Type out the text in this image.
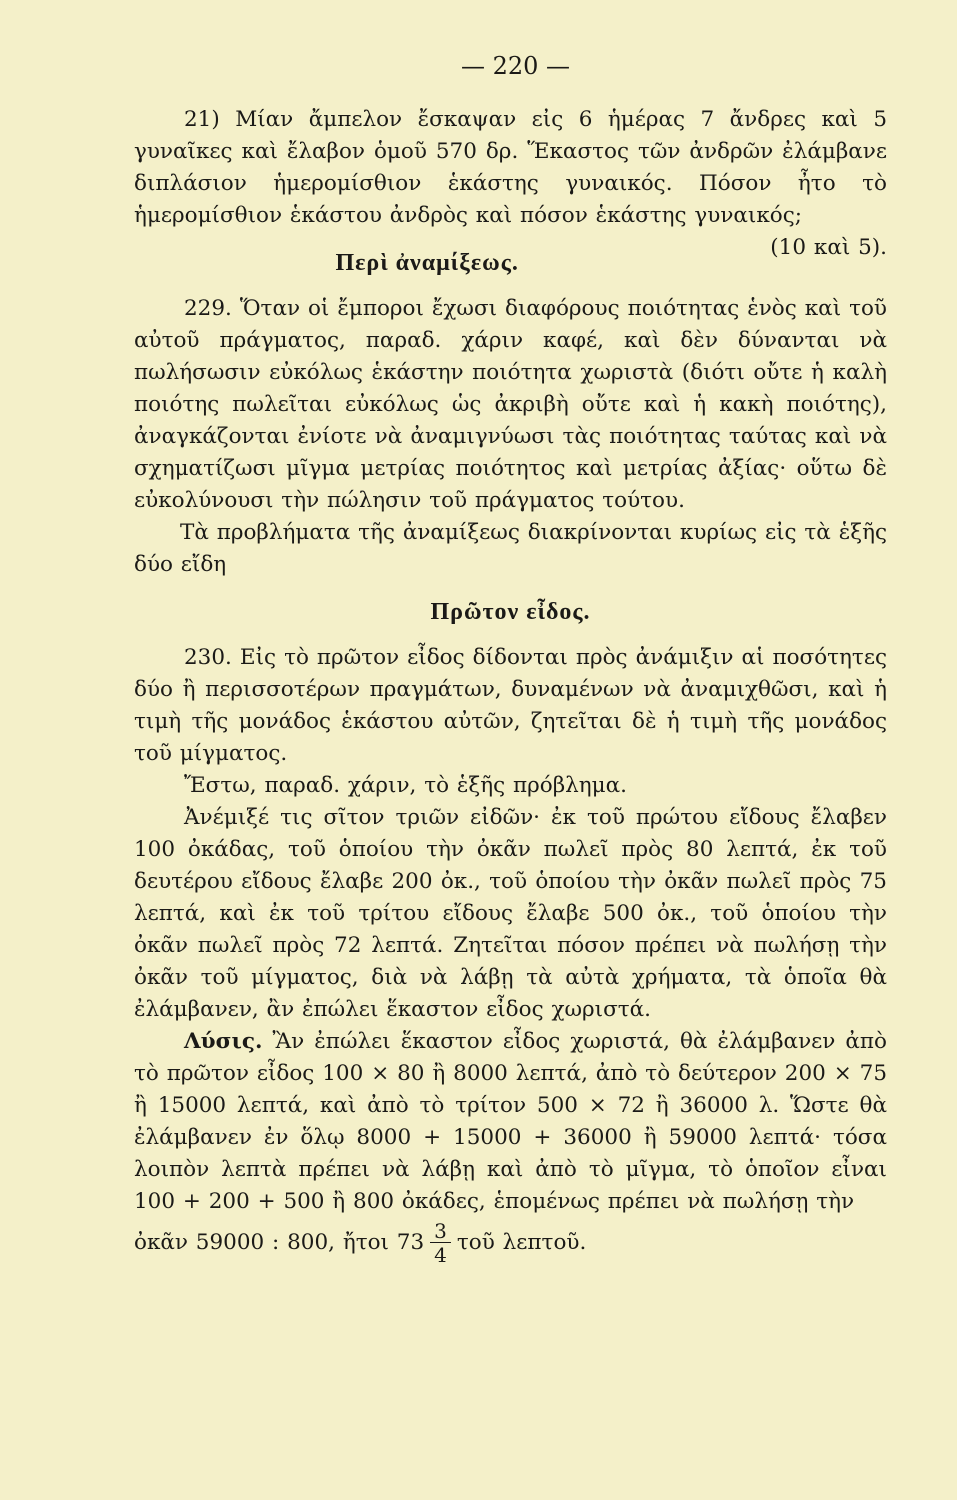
— 220 —

21) Μίαν ἄμπελον ἔσκαψαν εἰς 6 ἡμέρας 7 ἄνδρες καὶ 5 γυναῖκες καὶ ἔλαβον ὁμοῦ 570 δρ. Ἕκαστος τῶν ἀνδρῶν ἐλάμβανε διπλάσιον ἡμερομίσθιον ἑκάστης γυναικός. Πόσον ἦτο τὸ ἡμερομίσθιον ἑκάστου ἀνδρὸς καὶ πόσον ἑκάστης γυναικός;
(10 καὶ 5).

Περὶ ἀναμίξεως.

229. Ὅταν οἱ ἔμποροι ἔχωσι διαφόρους ποιότητας ἑνὸς καὶ τοῦ αὐτοῦ πράγματος, παραδ. χάριν καφέ, καὶ δὲν δύνανται νὰ πωλήσωσιν εὐκόλως ἑκάστην ποιότητα χωριστὰ (διότι οὔτε ἡ καλὴ ποιότης πωλεῖται εὐκόλως ὡς ἀκριβὴ οὔτε καὶ ἡ κακὴ ποιότης), ἀναγκάζονται ἐνίοτε νὰ ἀναμιγνύωσι τὰς ποιότητας ταύτας καὶ νὰ σχηματίζωσι μῖγμα μετρίας ποιότητος καὶ μετρίας ἀξίας· οὕτω δὲ εὐκολύνουσι τὴν πώλησιν τοῦ πράγματος τούτου.

Τὰ προβλήματα τῆς ἀναμίξεως διακρίνονται κυρίως εἰς τὰ ἑξῆς δύο εἴδη

Πρῶτον εἶδος.

230. Εἰς τὸ πρῶτον εἶδος δίδονται πρὸς ἀνάμιξιν αἱ ποσότητες δύο ἢ περισσοτέρων πραγμάτων, δυναμένων νὰ ἀναμιχθῶσι, καὶ ἡ τιμὴ τῆς μονάδος ἑκάστου αὐτῶν, ζητεῖται δὲ ἡ τιμὴ τῆς μονάδος τοῦ μίγματος.

Ἔστω, παραδ. χάριν, τὸ ἑξῆς πρόβλημα.

Ἀνέμιξέ τις σῖτον τριῶν εἰδῶν· ἐκ τοῦ πρώτου εἴδους ἔλαβεν 100 ὀκάδας, τοῦ ὁποίου τὴν ὀκᾶν πωλεῖ πρὸς 80 λεπτά, ἐκ τοῦ δευτέρου εἴδους ἔλαβε 200 ὀκ., τοῦ ὁποίου τὴν ὀκᾶν πωλεῖ πρὸς 75 λεπτά, καὶ ἐκ τοῦ τρίτου εἴδους ἔλαβε 500 ὀκ., τοῦ ὁποίου τὴν ὀκᾶν πωλεῖ πρὸς 72 λεπτά. Ζητεῖται πόσον πρέπει νὰ πωλήσῃ τὴν ὀκᾶν τοῦ μίγματος, διὰ νὰ λάβῃ τὰ αὐτὰ χρήματα, τὰ ὁποῖα θὰ ἐλάμβανεν, ἂν ἐπώλει ἕκαστον εἶδος χωριστά.

Λύσις. Ἂν ἐπώλει ἕκαστον εἶδος χωριστά, θὰ ἐλάμβανεν ἀπὸ τὸ πρῶτον εἶδος 100 × 80 ἢ 8000 λεπτά, ἀπὸ τὸ δεύτερον 200 × 75 ἢ 15000 λεπτά, καὶ ἀπὸ τὸ τρίτον 500 × 72 ἢ 36000 λ. Ὥστε θὰ ἐλάμβανεν ἐν ὅλῳ 8000 + 15000 + 36000 ἢ 59000 λεπτά· τόσα λοιπὸν λεπτὰ πρέπει νὰ λάβῃ καὶ ἀπὸ τὸ μῖγμα, τὸ ὁποῖον εἶναι 100 + 200 + 500 ἢ 800 ὀκάδες, ἑπομένως πρέπει νὰ πωλήσῃ τὴν

ὀκᾶν 59000 : 800, ἤτοι $73 \frac{3}{4}$ τοῦ λεπτοῦ.
